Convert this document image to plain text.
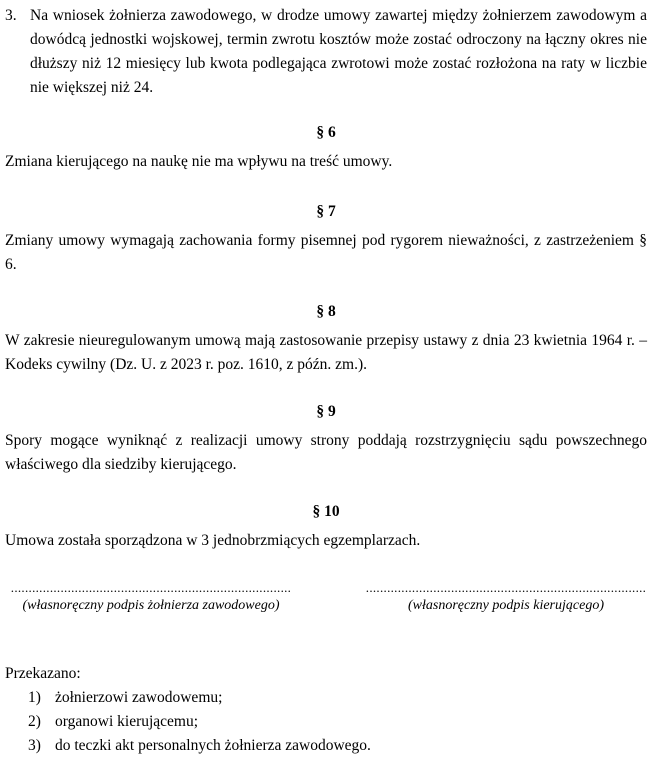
3. Na wniosek żołnierza zawodowego, w drodze umowy zawartej między żołnierzem zawodowym a dowódcą jednostki wojskowej, termin zwrotu kosztów może zostać odroczony na łączny okres nie dłuższy niż 12 miesięcy lub kwota podlegająca zwrotowi może zostać rozłożona na raty w liczbie nie większej niż 24.

§ 6

Zmiana kierującego na naukę nie ma wpływu na treść umowy.

§ 7

Zmiany umowy wymagają zachowania formy pisemnej pod rygorem nieważności, z zastrzeżeniem § 6.

§ 8

W zakresie nieuregulowanym umową mają zastosowanie przepisy ustawy z dnia 23 kwietnia 1964 r. – Kodeks cywilny (Dz. U. z 2023 r. poz. 1610, z późn. zm.).

§ 9

Spory mogące wyniknąć z realizacji umowy strony poddają rozstrzygnięciu sądu powszechnego właściwego dla siedziby kierującego.

§ 10

Umowa została sporządzona w 3 jednobrzmiących egzemplarzach.

...............................................................................
(własnoręczny podpis żołnierza zawodowego)
...............................................................................
(własnoręczny podpis kierującego)

Przekazano:

1) żołnierzowi zawodowemu;
2) organowi kierującemu;
3) do teczki akt personalnych żołnierza zawodowego.
